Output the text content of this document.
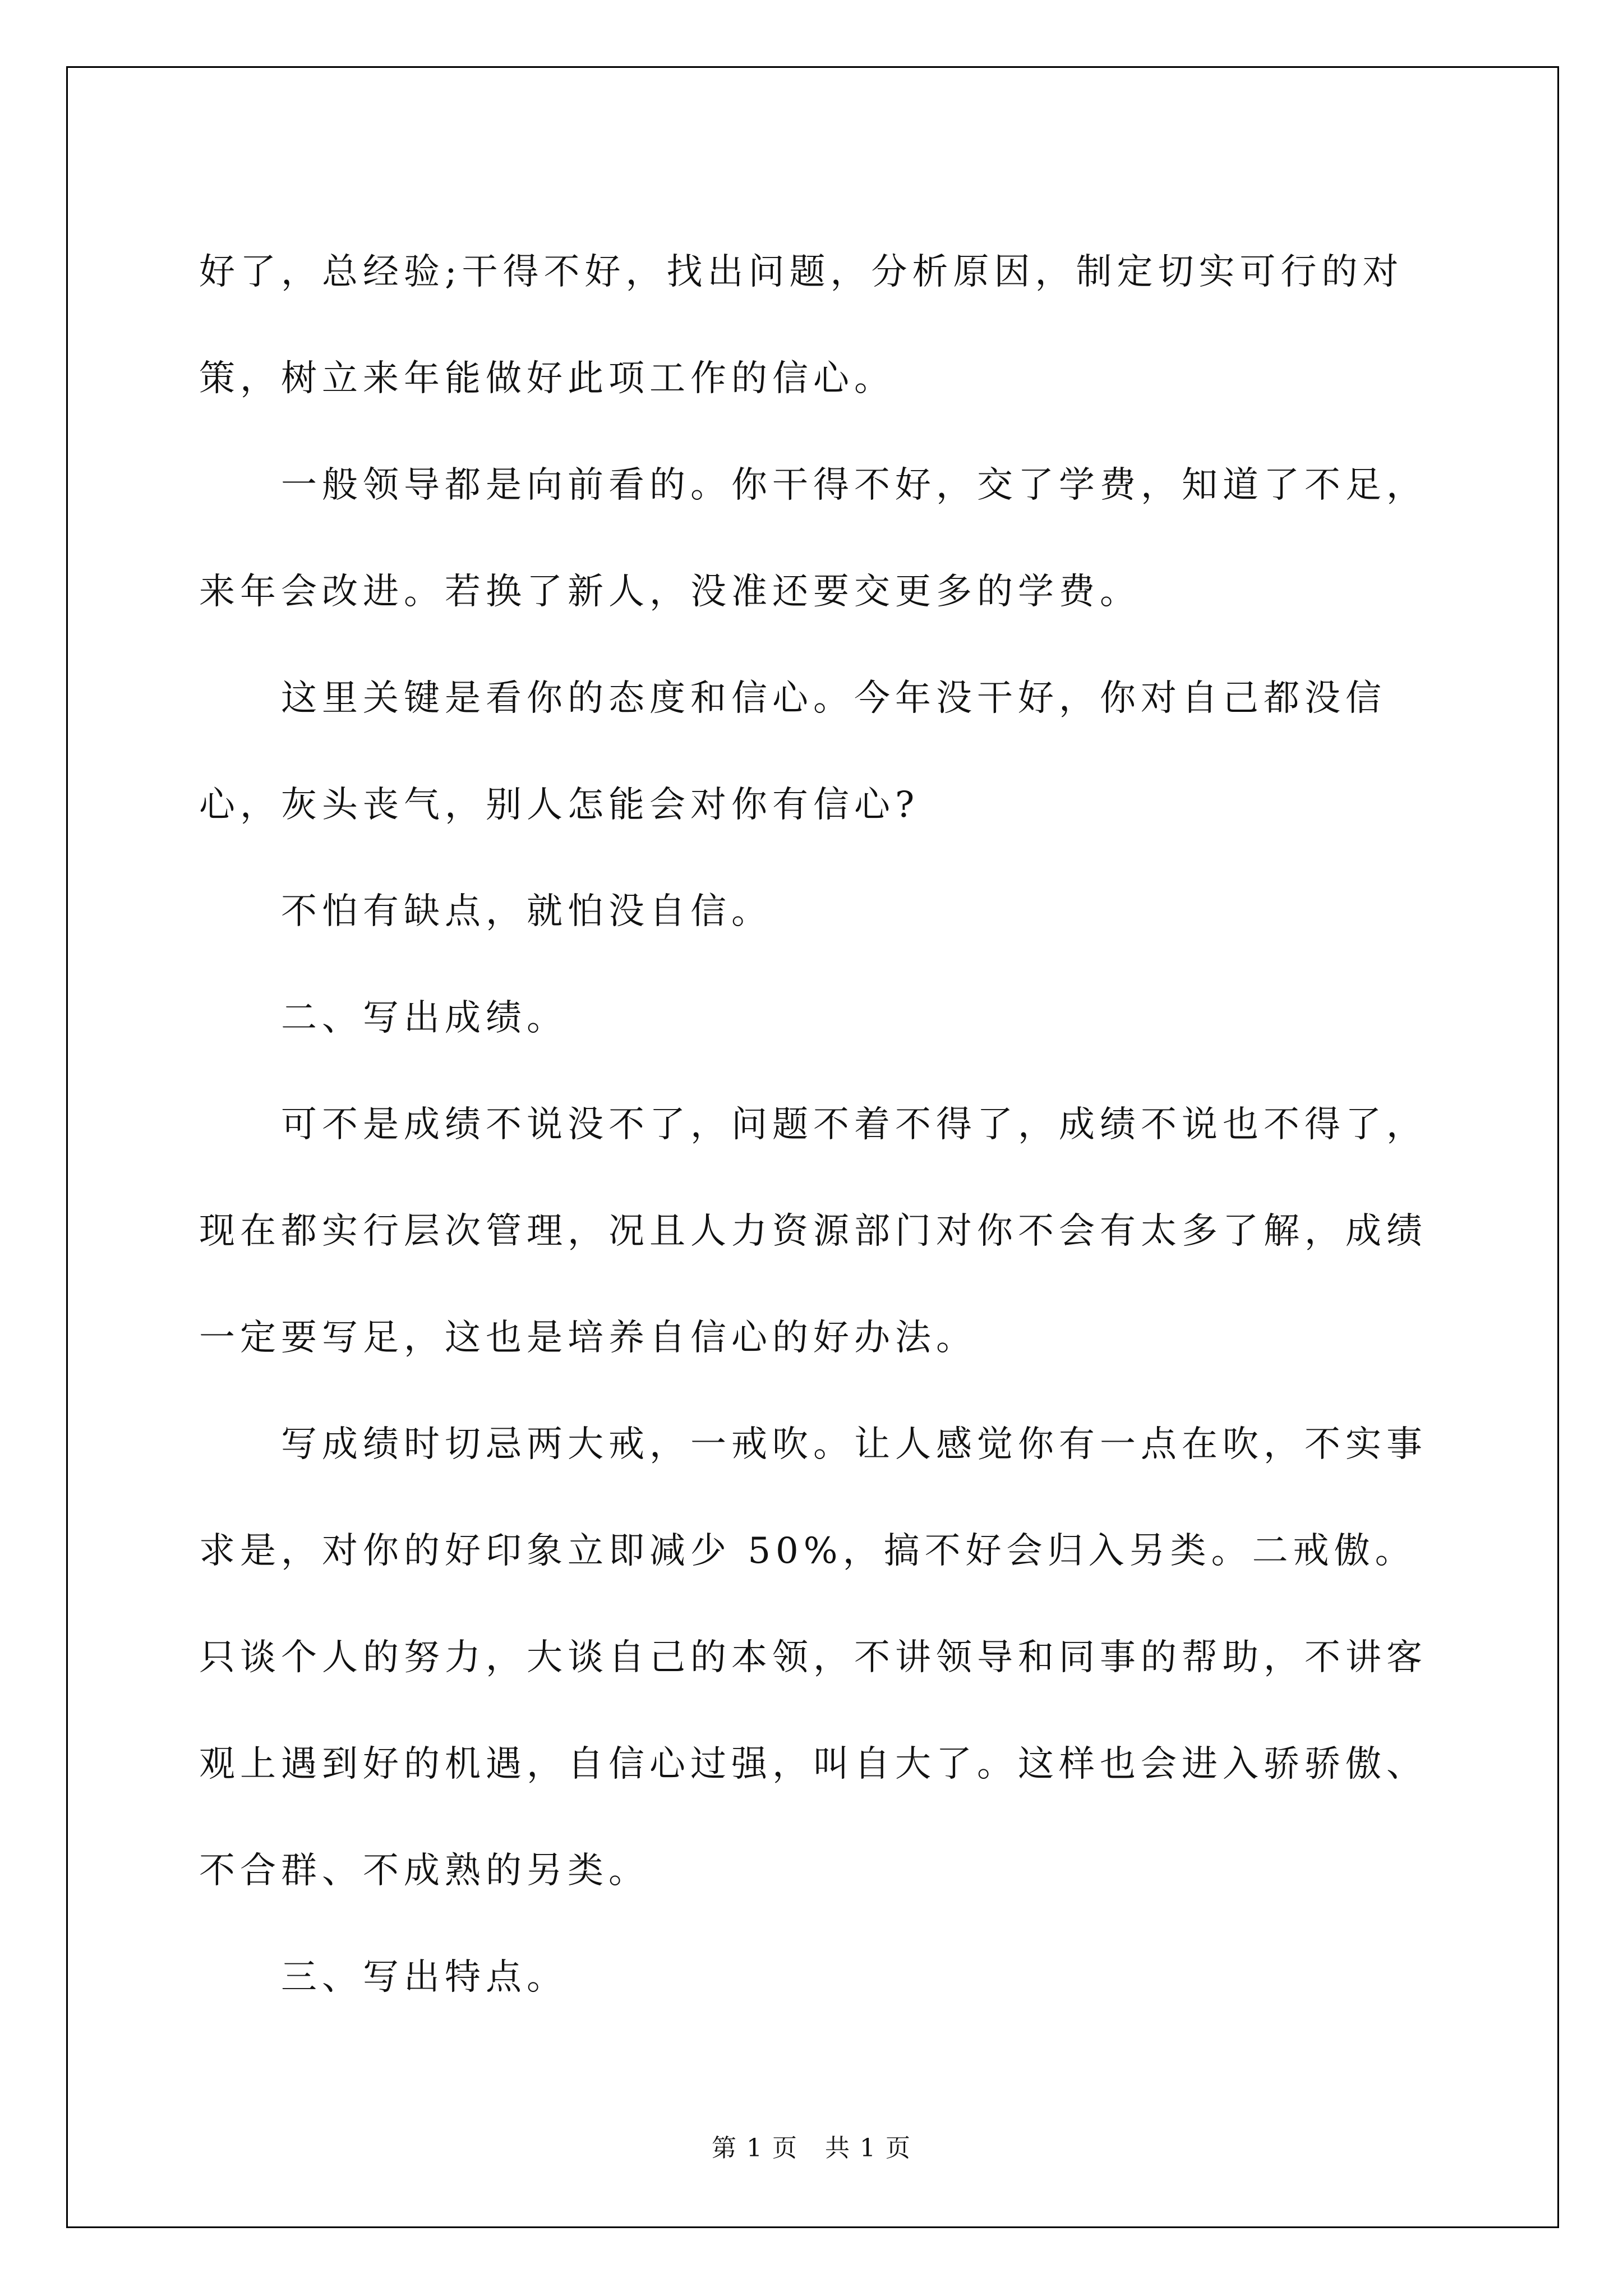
好了，总经验;干得不好，找出问题，分析原因，制定切实可行的对策，树立来年能做好此项工作的信心。

一般领导都是向前看的。你干得不好，交了学费，知道了不足，来年会改进。若换了新人，没准还要交更多的学费。

这里关键是看你的态度和信心。今年没干好，你对自己都没信心，灰头丧气，别人怎能会对你有信心?

不怕有缺点，就怕没自信。

二、写出成绩。

可不是成绩不说没不了，问题不着不得了，成绩不说也不得了，现在都实行层次管理，况且人力资源部门对你不会有太多了解，成绩一定要写足，这也是培养自信心的好办法。

写成绩时切忌两大戒，一戒吹。让人感觉你有一点在吹，不实事求是，对你的好印象立即减少 50%，搞不好会归入另类。二戒傲。只谈个人的努力，大谈自己的本领，不讲领导和同事的帮助，不讲客观上遇到好的机遇，自信心过强，叫自大了。这样也会进入骄骄傲、不合群、不成熟的另类。

三、写出特点。

第 1 页 共 1 页
